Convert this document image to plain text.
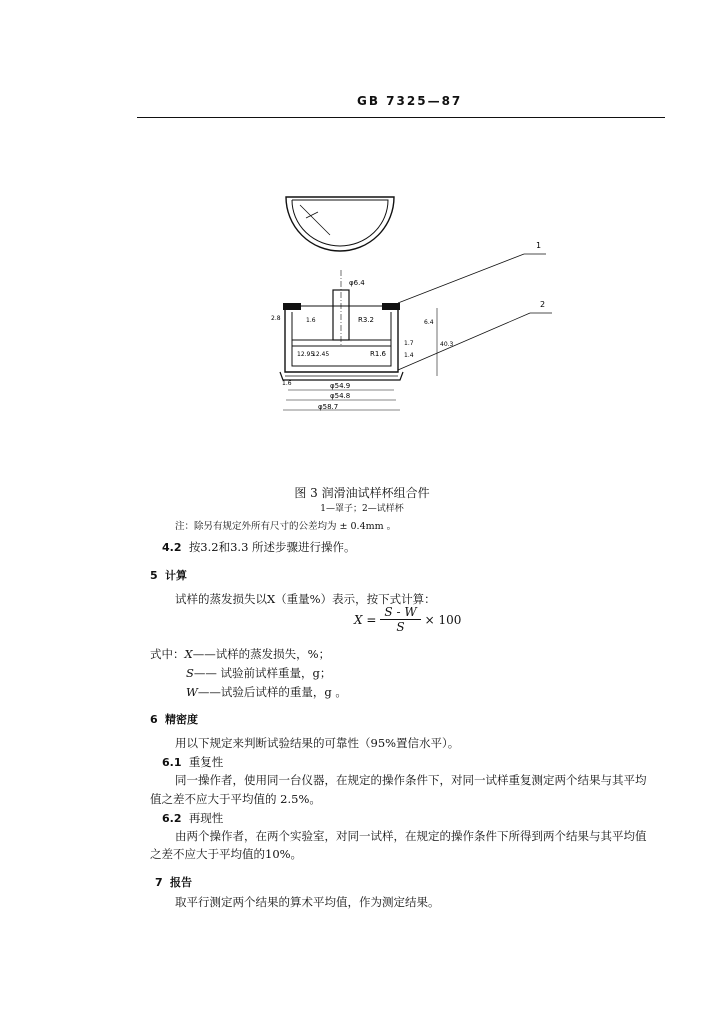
GB 7325—87
1
2
φ6.4
φ54.9
φ54.8
φ58.7
R3.2
R1.6
2.8	1.6
12.95
12.45
1.6
1.7
1.4
6.4
40.3
图 3 润滑油试样杯组合件
1—罩子；2—试样杯
注：除另有规定外所有尺寸的公差均为 ± 0.4mm 。
4.2 按3.2和3.3 所述步骤进行操作。
5 计算
试样的蒸发损失以X（重量%）表示，按下式计算：
$X = \frac{S - W}{S} \times 100$
式中：X——试样的蒸发损失，%；
S—— 试验前试样重量，g；
W——试验后试样的重量，g 。
6 精密度
用以下规定来判断试验结果的可靠性（95%置信水平）。
6.1 重复性
同一操作者，使用同一台仪器，在规定的操作条件下，对同一试样重复测定两个结果与其平均
值之差不应大于平均值的 2.5%。
6.2 再现性
由两个操作者，在两个实验室，对同一试样，在规定的操作条件下所得到两个结果与其平均值
之差不应大于平均值的10%。
7 报告
取平行测定两个结果的算术平均值，作为测定结果。
